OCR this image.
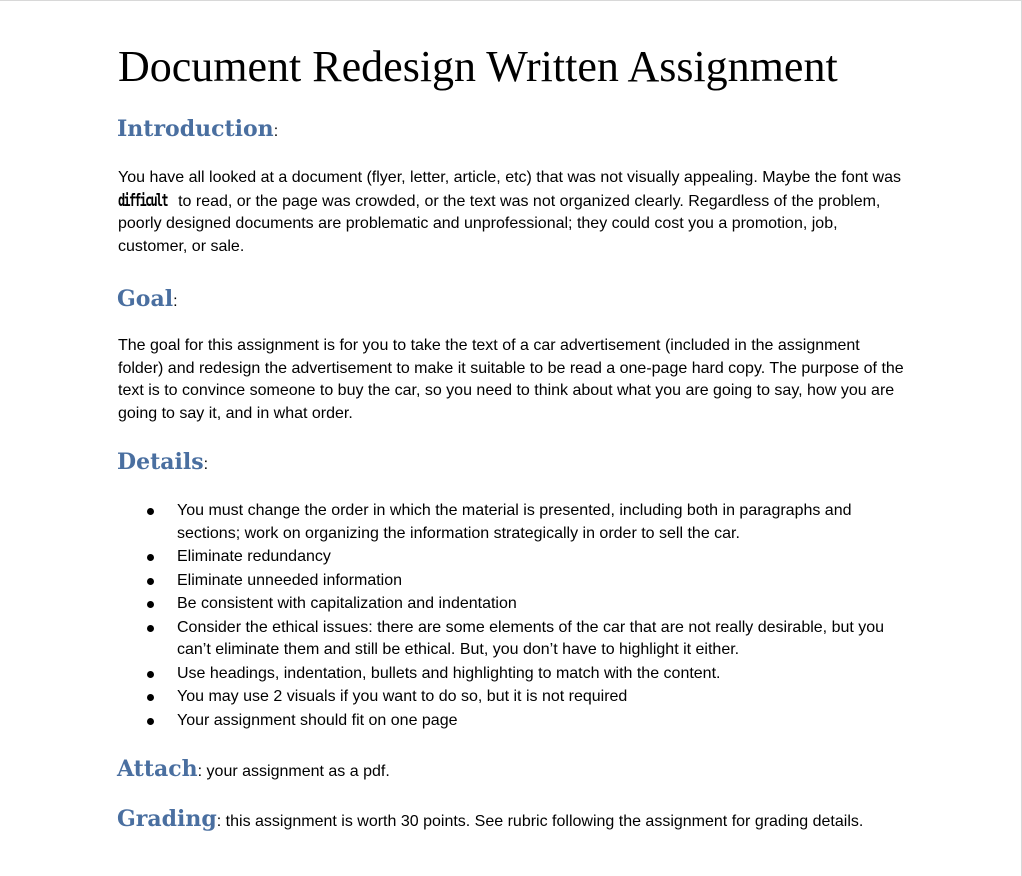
Document Redesign Written Assignment
Introduction:
You have all looked at a document (flyer, letter, article, etc) that was not visually appealing. Maybe the font was difficult to read, or the page was crowded, or the text was not organized clearly. Regardless of the problem, poorly designed documents are problematic and unprofessional; they could cost you a promotion, job, customer, or sale.
Goal:
The goal for this assignment is for you to take the text of a car advertisement (included in the assignment folder) and redesign the advertisement to make it suitable to be read a one-page hard copy. The purpose of the text is to convince someone to buy the car, so you need to think about what you are going to say, how you are going to say it, and in what order.
Details:
You must change the order in which the material is presented, including both in paragraphs and sections; work on organizing the information strategically in order to sell the car.
Eliminate redundancy
Eliminate unneeded information
Be consistent with capitalization and indentation
Consider the ethical issues: there are some elements of the car that are not really desirable, but you can’t eliminate them and still be ethical. But, you don’t have to highlight it either.
Use headings, indentation, bullets and highlighting to match with the content.
You may use 2 visuals if you want to do so, but it is not required
Your assignment should fit on one page
Attach: your assignment as a pdf.
Grading: this assignment is worth 30 points. See rubric following the assignment for grading details.
